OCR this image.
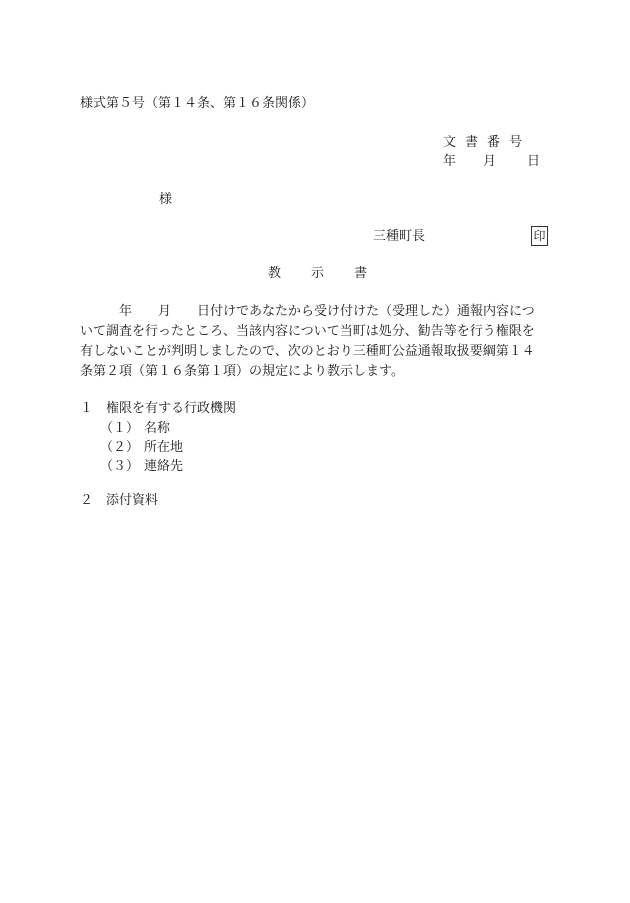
様式第５号（第１４条、第１６条関係）
文書番号
年 月 日
様
三種町長	印
教示書
　　　年　　月　　日付けであなたから受け付けた（受理した）通報内容につ
いて調査を行ったところ、当該内容について当町は処分、勧告等を行う権限を
有しないことが判明しましたので、次のとおり三種町公益通報取扱要綱第１４
条第２項（第１６条第１項）の規定により教示します。
１ 権限を有する行政機関
（１） 名称
（２） 所在地
（３） 連絡先
２ 添付資料
